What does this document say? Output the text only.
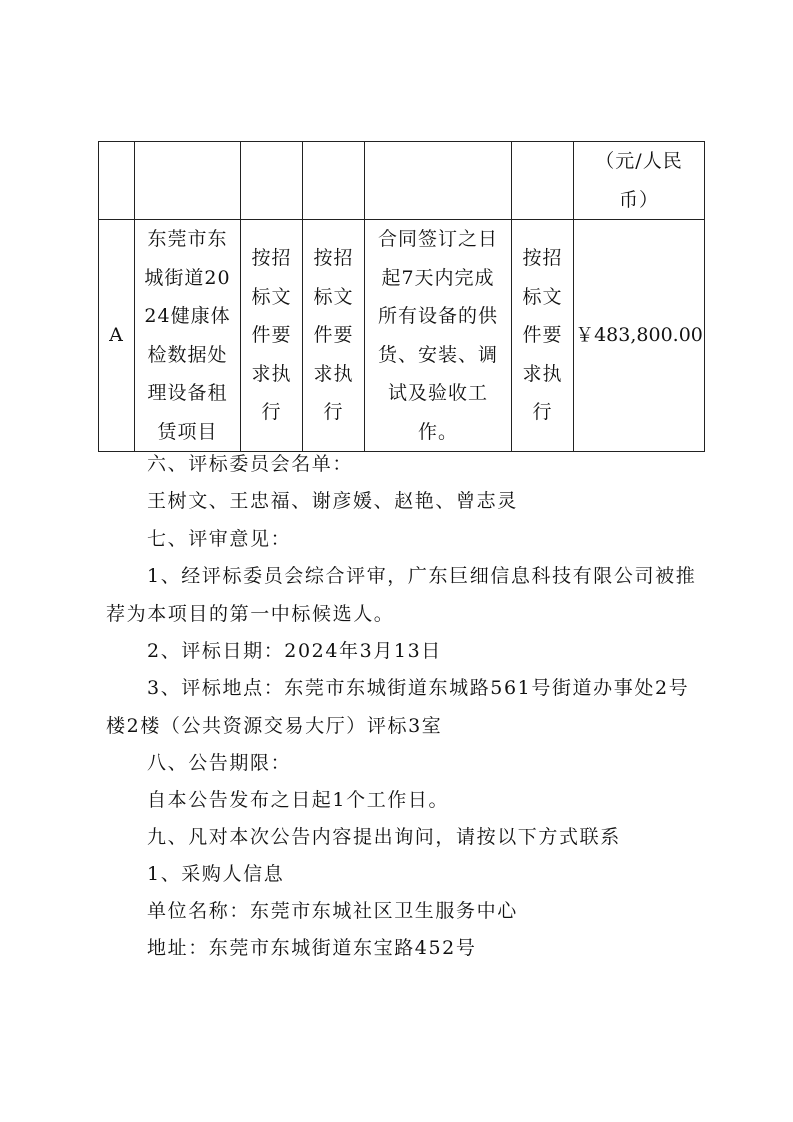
						（元/人民币）

A	东莞市东城街道2024健康体检数据处理设备租赁项目	按招标文件要求执行	按招标文件要求执行	合同签订之日起7天内完成所有设备的供货、安装、调试及验收工作。	按招标文件要求执行	￥483,800.00
六、评标委员会名单：
王树文、王忠福、谢彦媛、赵艳、曾志灵
七、评审意见：
1、经评标委员会综合评审，广东巨细信息科技有限公司被推荐为本项目的第一中标候选人。
2、评标日期：2024年3月13日
3、评标地点：东莞市东城街道东城路561号街道办事处2号楼2楼（公共资源交易大厅）评标3室
八、公告期限：
自本公告发布之日起1个工作日。
九、凡对本次公告内容提出询问，请按以下方式联系
1、采购人信息
单位名称：东莞市东城社区卫生服务中心
地址：东莞市东城街道东宝路452号
